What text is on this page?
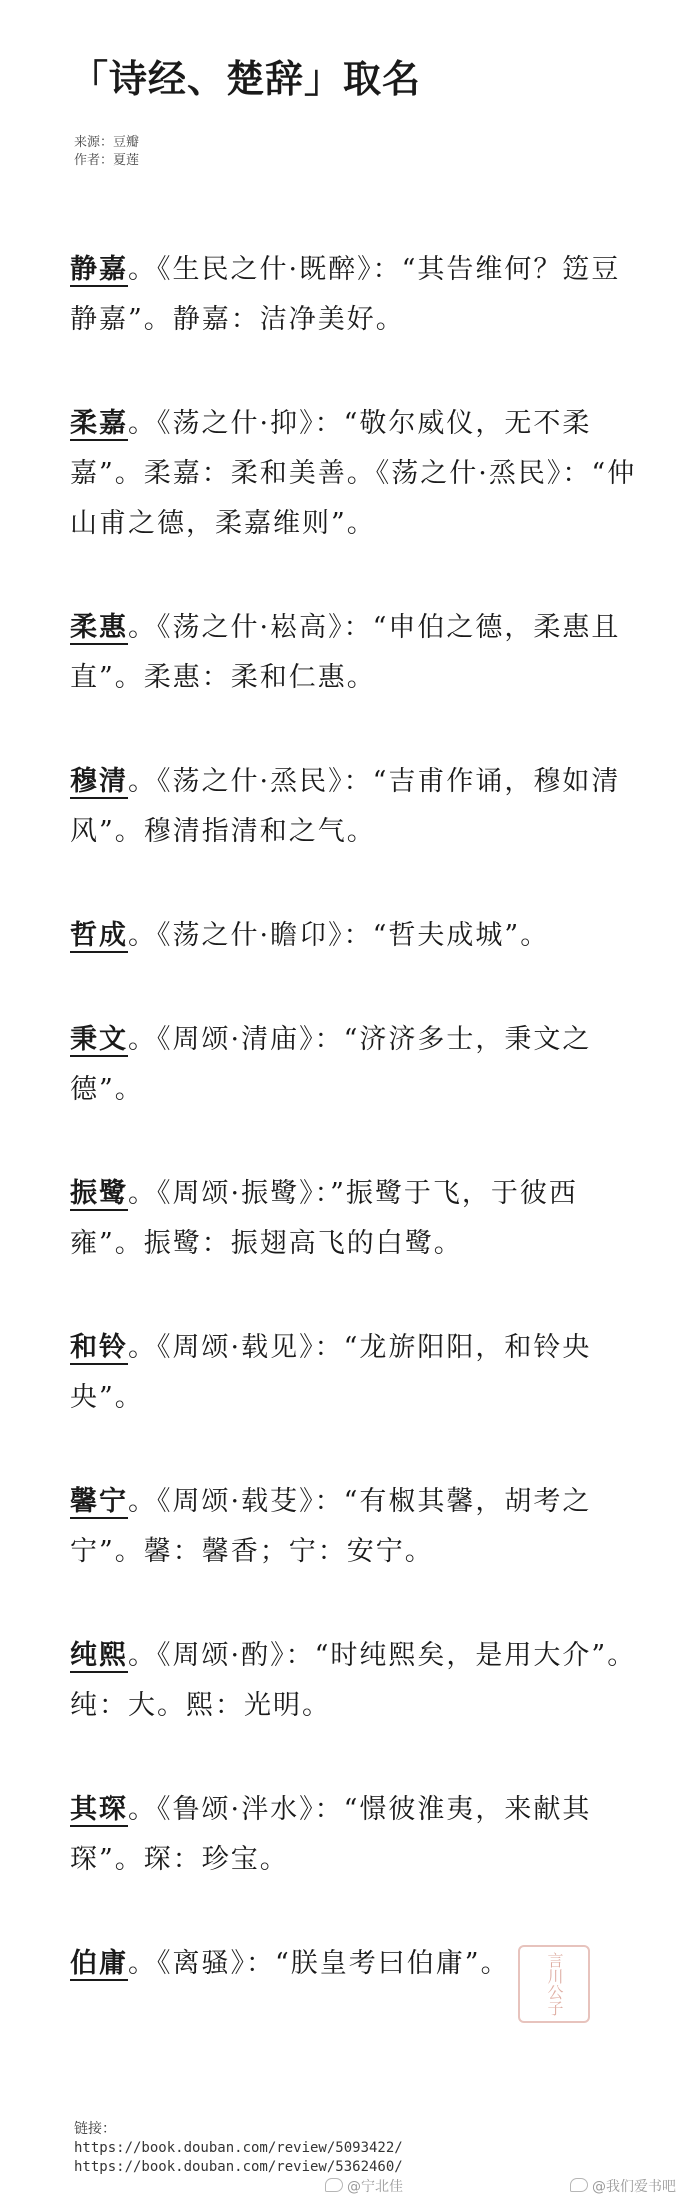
「诗经、楚辞」取名
来源：豆瓣
作者：夏莲
静嘉。《生民之什·既醉》：“其告维何？笾豆静嘉”。静嘉：洁净美好。
柔嘉。《荡之什·抑》：“敬尔威仪，无不柔嘉”。柔嘉：柔和美善。《荡之什·烝民》：“仲山甫之德，柔嘉维则”。
柔惠。《荡之什·崧高》：“申伯之德，柔惠且直”。柔惠：柔和仁惠。
穆清。《荡之什·烝民》：“吉甫作诵，穆如清风”。穆清指清和之气。
哲成。《荡之什·瞻卬》：“哲夫成城”。
秉文。《周颂·清庙》：“济济多士，秉文之德”。
振鹭。《周颂·振鹭》：”振鹭于飞，于彼西雍”。振鹭：振翅高飞的白鹭。
和铃。《周颂·载见》：“龙旂阳阳，和铃央央”。
馨宁。《周颂·载芟》：“有椒其馨，胡考之宁”。馨：馨香；宁：安宁。
纯熙。《周颂·酌》：“时纯熙矣，是用大介”。纯：大。熙：光明。
其琛。《鲁颂·泮水》：“憬彼淮夷，来献其琛”。琛：珍宝。
伯庸。《离骚》：“朕皇考曰伯庸”。	言川公子
链接：
https://book.douban.com/review/5093422/
https://book.douban.com/review/5362460/
@宁北佳	@我们爱书吧
